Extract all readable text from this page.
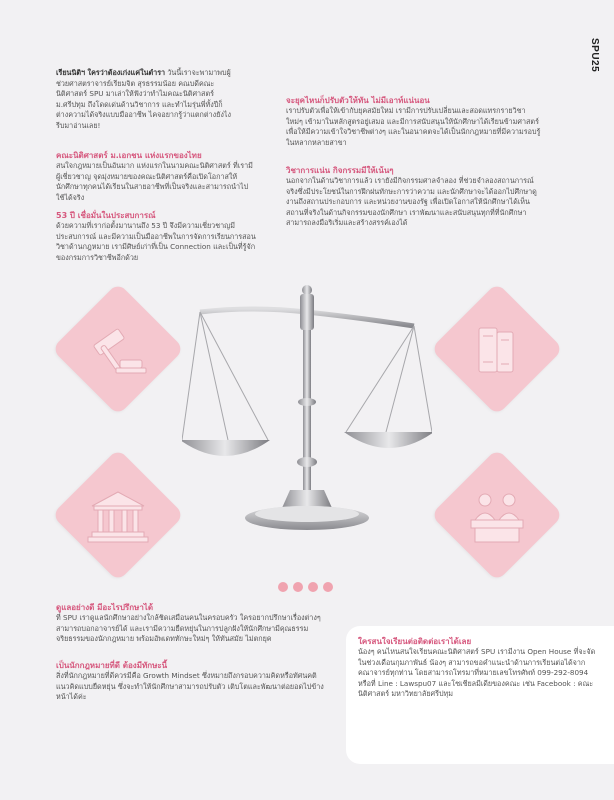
SPU25
เรียนนิติฯ ใครว่าต้องเก่งแค่ในตำรา วันนี้เราจะพามาพบผู้ช่วยศาสตราจารย์เรียมจิต สุรธรรมน้อย คณบดีคณะนิติศาสตร์ SPU มาเล่าให้ฟังว่าทำไมคณะนิติศาสตร์ ม.ศรีปทุม ถึงโดดเด่นด้านวิชาการ และทำไมรุ่นพี่ทั้งปีก็ต่างความได้จริงแบบมืออาชีพ ไคจอยากรู้ว่าแตกต่างยังไง รีบมาอ่านเลย!
คณะนิติศาสตร์ ม.เอกชน แห่งแรกของไทย
สนใจกฎหมายเป็นอันมาก แห่งแรกในนามคณะนิติศาสตร์ ที่เรามีผู้เชี่ยวชาญ จุดมุ่งหมายของคณะนิติศาสตร์คือเปิดโอกาสให้นักศึกษาทุกคนได้เรียนในสายอาชีพที่เป็นจริงและสามารถนำไปใช้ได้จริง
53 ปี เชื่อมั่นในประสบการณ์
ด้วยความที่เราก่อตั้งมานานถึง 53 ปี จึงมีความเชี่ยวชาญมีประสบการณ์ และมีความเป็นมืออาชีพในการจัดการเรียนการสอนวิชาด้านกฎหมาย เรามีศิษย์เก่าที่เป็น Connection และเป็นที่รู้จักของกรมการวิชาชีพอีกด้วย
จะยุคไหนก็ปรับตัวให้ทัน ไม่มีเอาท์แน่นอน
เราปรับตัวเพื่อให้เข้ากับยุคสมัยใหม่ เรามีการปรับเปลี่ยนและสอดแทรกรายวิชาใหม่ๆ เข้ามาในหลักสูตรอยู่เสมอ และมีการสนับสนุนให้นักศึกษาได้เรียนข้ามศาสตร์ เพื่อให้มีความเข้าใจวิชาชีพต่างๆ และในอนาคตจะได้เป็นนักกฎหมายที่มีความรอบรู้ในหลากหลายสาขา
วิชาการแน่น กิจกรรมมีให้เน้นๆ
นอกจากในด้านวิชาการแล้ว เรายังมีกิจกรรมศาลจำลอง ที่ช่วยจำลองสถานการณ์จริงซึ่งมีประโยชน์ในการฝึกฝนทักษะการว่าความ และนักศึกษาจะได้ออกไปศึกษาดูงานถึงสถานประกอบการ และหน่วยงานของรัฐ เพื่อเปิดโอกาสให้นักศึกษาได้เห็นสถานที่จริงในด้านกิจกรรมของนักศึกษา เราพัฒนาและสนับสนุนทุกที่ที่นักศึกษาสามารถลงมือริเริ่มและสร้างสรรค์เองได้
ดูแลอย่างดี มีอะไรปรึกษาได้
ที่ SPU เราดูแลนักศึกษาอย่างใกล้ชิดเสมือนคนในครอบครัว ใครอยากปรึกษาเรื่องต่างๆ สามารถบอกอาจารย์ได้ และเรามีความยืดหยุ่นในการปลูกฝังให้นักศึกษามีคุณธรรมจริยธรรมของนักกฎหมาย พร้อมอัพเดททักษะใหม่ๆ ให้ทันสมัย ไม่ตกยุค
เป็นนักกฎหมายที่ดี ต้องมีทักษะนี้
สิ่งที่นักกฎหมายที่ดีควรมีคือ Growth Mindset ซึ่งหมายถึงกรอบความคิดหรือทัศนคติ แนวคิดแบบยืดหยุ่น ซึ่งจะทำให้นักศึกษาสามารถปรับตัว เติบโตและพัฒนาต่อยอดไปข้างหน้าได้ค่ะ
ใครสนใจเรียนต่อติดต่อเราได้เลย
น้องๆ คนไหนสนใจเรียนคณะนิติศาสตร์ SPU เรามีงาน Open House ที่จะจัดในช่วงเดือนกุมภาพันธ์ น้องๆ สามารถขอคำแนะนำด้านการเรียนต่อได้จากคณาจารย์ทุกท่าน โดยสามารถโทรมาที่หมายเลขโทรศัพท์ 099-292-8094 หรือที่ Line : Lawspu07 และโซเชียลมีเดียของคณะ เช่น Facebook : คณะนิติศาสตร์ มหาวิทยาลัยศรีปทุม
